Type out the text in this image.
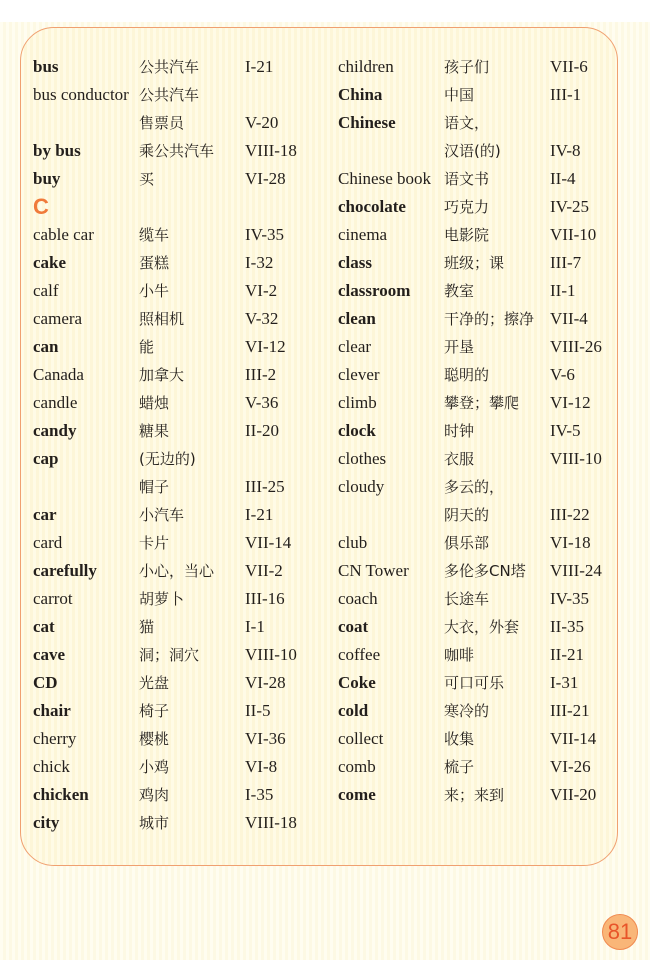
bus	公共汽车	I-21
bus conductor 公共汽车
售票员	V-20
by bus	乘公共汽车 VIII-18
buy	买	VI-28
C
cable car	缆车	IV-35
cake	蛋糕	I-32
calf	小牛	VI-2
camera	照相机	V-32
can	能	VI-12
Canada	加拿大	III-2
candle	蜡烛	V-36
candy	糖果	II-20
cap	(无边的)
帽子	III-25
car	小汽车	I-21
card	卡片	VII-14
carefully	小心，当心 VII-2
carrot	胡萝卜	III-16
cat	猫	I-1
cave	洞；洞穴	VIII-10
CD	光盘	VI-28
chair	椅子	II-5
cherry	樱桃	VI-36
chick	小鸡	VI-8
chicken	鸡肉	I-35
city	城市	VIII-18
children	孩子们	VII-6
China	中国	III-1
Chinese	语文，
汉语(的)	IV-8
Chinese book 语文书	II-4
chocolate	巧克力	IV-25
cinema	电影院	VII-10
class	班级；课	III-7
classroom 教室	II-1
clean	干净的；擦净 VII-4
clear	开垦	VIII-26
clever	聪明的	V-6
climb	攀登；攀爬 VI-12
clock	时钟	IV-5
clothes	衣服	VIII-10
cloudy	多云的，
阴天的	III-22
club	俱乐部	VI-18
CN Tower 多伦多CN塔 VIII-24
coach	长途车	IV-35
coat	大衣，外套 II-35
coffee	咖啡	II-21
Coke	可口可乐	I-31
cold	寒冷的	III-21
collect	收集	VII-14
comb	梳子	VI-26
come	来；来到	VII-20
81
